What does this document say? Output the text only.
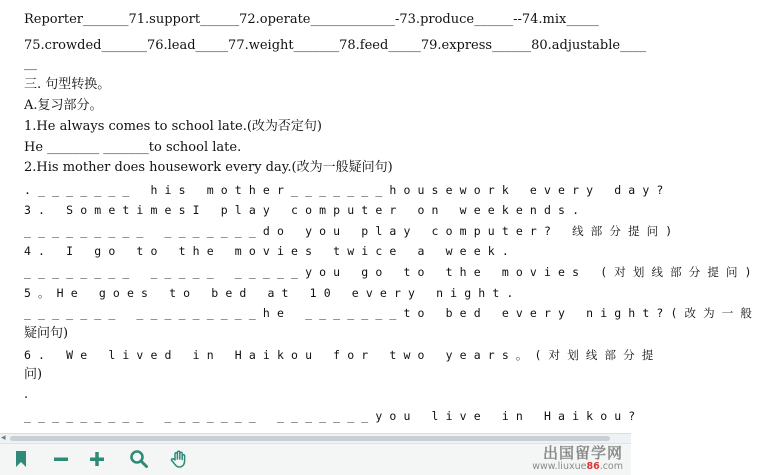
Reporter_______71.support______72.operate_____________-73.produce______--74.mix_____
75.crowded_______76.lead_____77.weight_______78.feed_____79.express______80.adjustable____
__
三. 句型转换。
A.复习部分。
1.He always comes to school late.(改为否定句)
He ________ _______to school late.
2.His mother does housework every day.(改为一般疑问句)
._______ his mother_______housework every day?
3. SometimesI play computer on weekends.
_________ _______do you play computer? 线部分提问)
4. I go to the movies twice a week.
________ _____ _____you go to the movies (对划线部分提问)
5。He goes to bed at 10 every night.
_______ _________he _______to bed every night?(改为一般
疑问句)
6. We lived in Haikou for two years。(对划线部分提
问)
.
_________ _______ _______you live in Haikou?
◂
出国留学网
www.liuxue86.com
